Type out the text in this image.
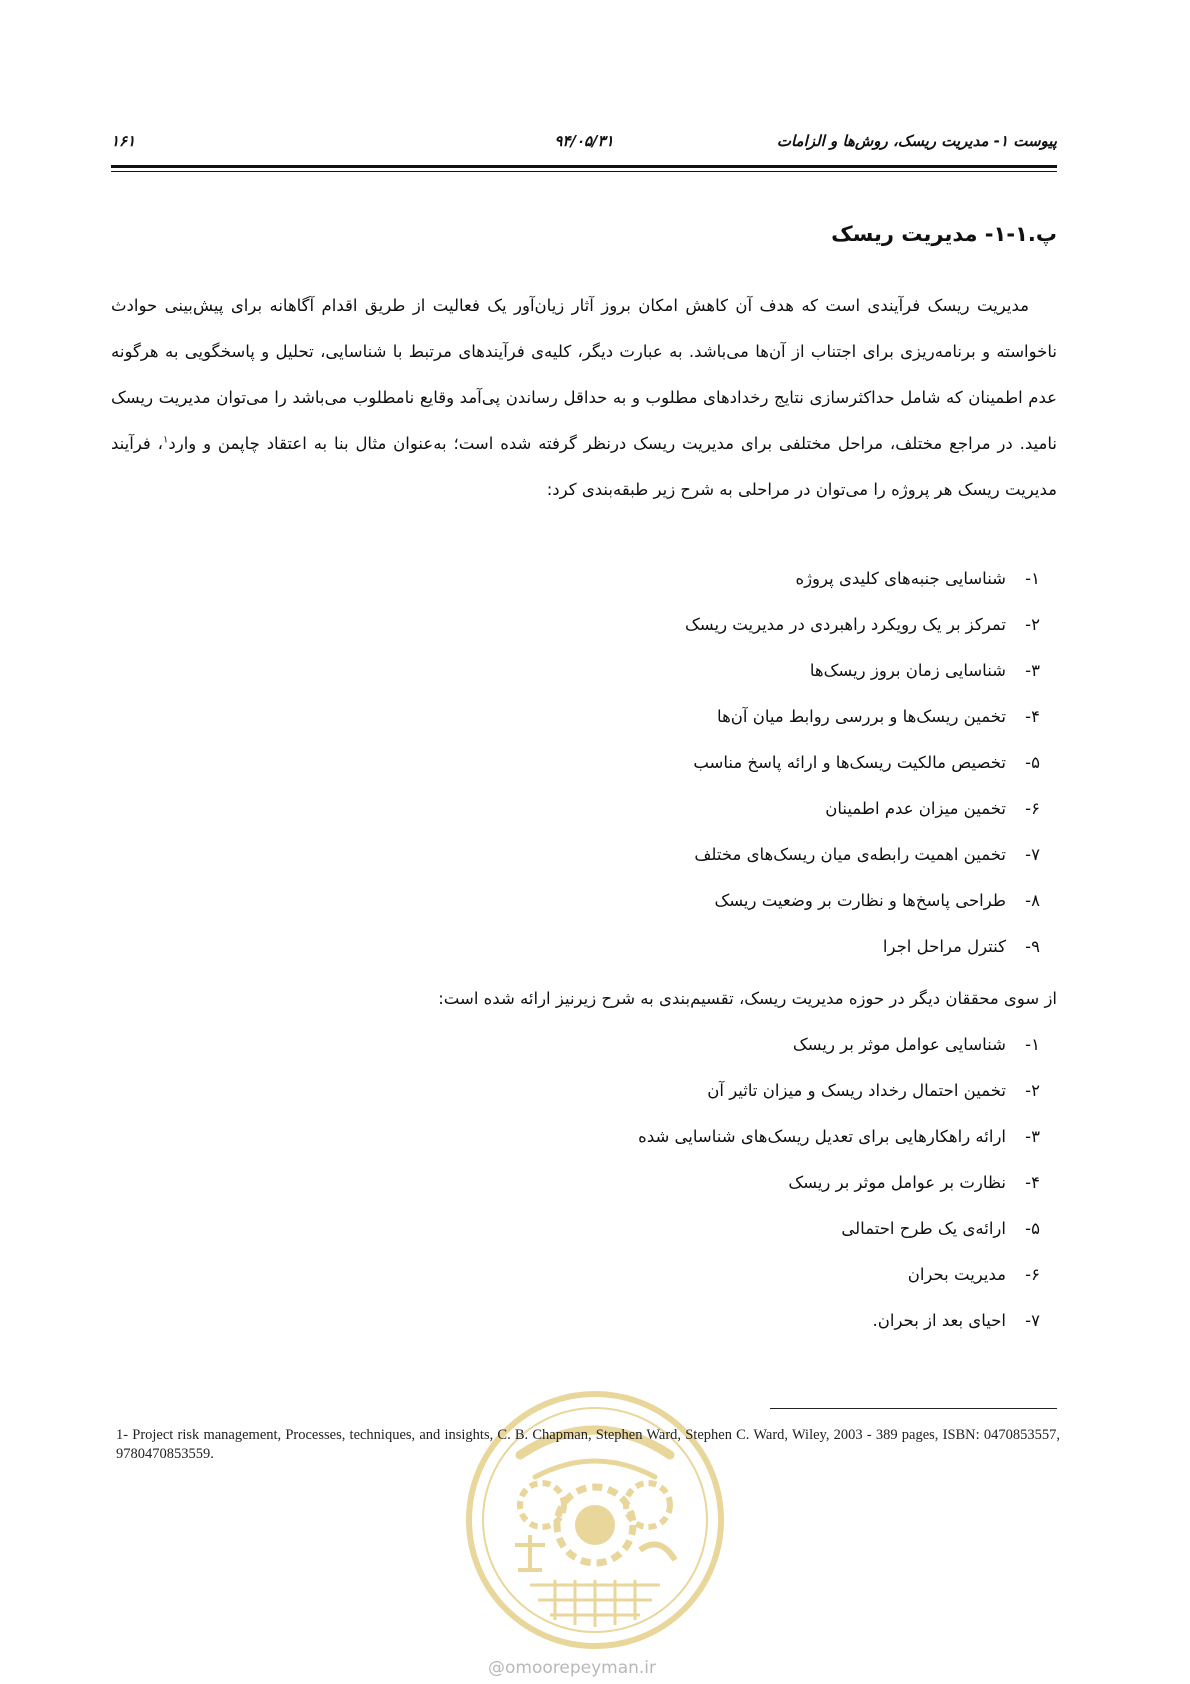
پیوست ۱- مدیریت ریسک، روش‌ها و الزامات
۹۴/۰۵/۳۱
۱۶۱
پ.۱-۱- مدیریت ریسک

مدیریت ریسک فرآیندی است که هدف آن کاهش امکان بروز آثار زیان‌آور یک فعالیت از طریق اقدام آگاهانه برای پیش‌بینی حوادث ناخواسته و برنامه‌ریزی برای اجتناب از آن‌ها می‌باشد. به عبارت دیگر، کلیه‌ی فرآیندهای مرتبط با شناسایی، تحلیل و پاسخگویی به هرگونه عدم اطمینان که شامل حداکثرسازی نتایج رخدادهای مطلوب و به حداقل رساندن پی‌آمد وقایع نامطلوب می‌باشد را می‌توان مدیریت ریسک نامید. در مراجع مختلف، مراحل مختلفی برای مدیریت ریسک درنظر گرفته شده است؛ به‌عنوان مثال بنا به اعتقاد چاپمن و وارد$^۱$، فرآیند مدیریت ریسک هر پروژه را می‌توان در مراحلی به شرح زیر طبقه‌بندی کرد:

۱-شناسایی جنبه‌های کلیدی پروژه
۲-تمرکز بر یک رویکرد راهبردی در مدیریت ریسک
۳-شناسایی زمان بروز ریسک‌ها
۴-تخمین ریسک‌ها و بررسی روابط میان آن‌ها
۵-تخصیص مالکیت ریسک‌ها و ارائه پاسخ مناسب
۶-تخمین میزان عدم اطمینان
۷-تخمین اهمیت رابطه‌ی میان ریسک‌های مختلف
۸-طراحی پاسخ‌ها و نظارت بر وضعیت ریسک
۹-کنترل مراحل اجرا
از سوی محققان دیگر در حوزه مدیریت ریسک، تقسیم‌بندی به شرح زیرنیز ارائه شده است:
۱-شناسایی عوامل موثر بر ریسک
۲-تخمین احتمال رخداد ریسک و میزان تاثیر آن
۳-ارائه راهکارهایی برای تعدیل ریسک‌های شناسایی شده
۴-نظارت بر عوامل موثر بر ریسک
۵-ارائه‌ی یک طرح احتمالی
۶-مدیریت بحران
۷-احیای بعد از بحران.
1- Project risk management, Processes, techniques, and insights, C. B. Chapman, Stephen Ward, Stephen C. Ward, Wiley, 2003 - 389 pages, ISBN: 0470853557, 9780470853559.
@omoorepeyman.ir
